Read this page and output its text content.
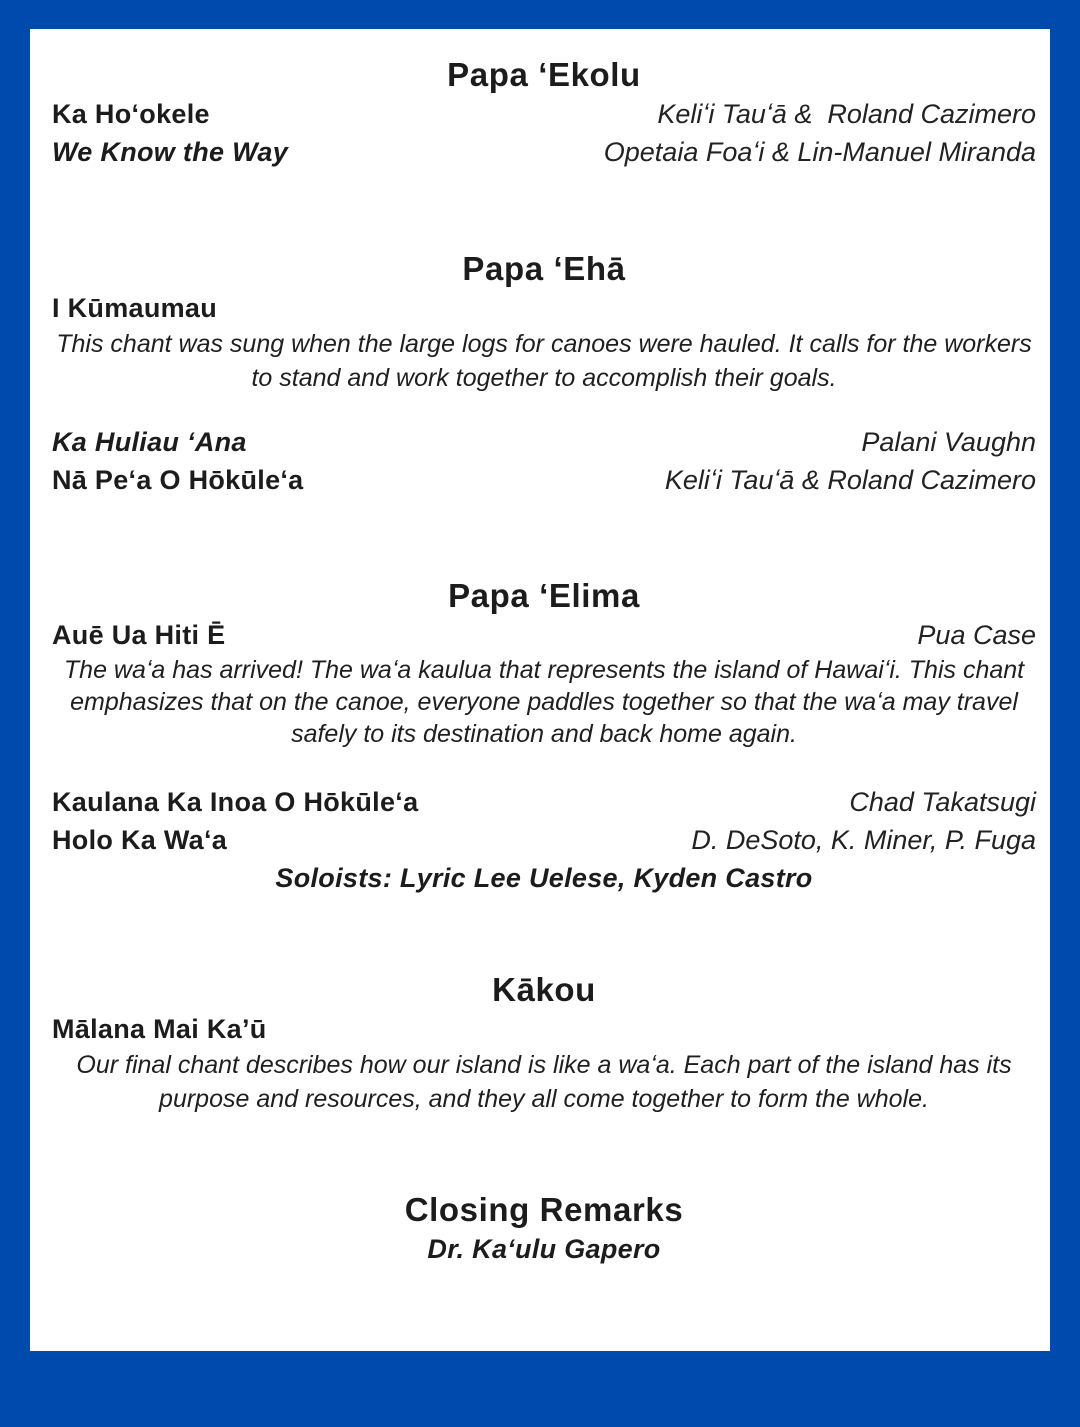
Papa ʻEkolu
Ka Hoʻokele	Keliʻi Tauʻā &  Roland Cazimero
We Know the Way	Opetaia Foaʻi & Lin-Manuel Miranda
Papa ʻEhā
I Kūmaumau
This chant was sung when the large logs for canoes were hauled. It calls for the workers
to stand and work together to accomplish their goals.
Ka Huliau ʻAna	Palani Vaughn
Nā Peʻa O Hōkūleʻa	Keliʻi Tauʻā & Roland Cazimero
Papa ʻElima
Auē Ua Hiti Ē	Pua Case
The waʻa has arrived! The waʻa kaulua that represents the island of Hawaiʻi. This chant
emphasizes that on the canoe, everyone paddles together so that the waʻa may travel
safely to its destination and back home again.
Kaulana Ka Inoa O Hōkūleʻa	Chad Takatsugi
Holo Ka Waʻa	D. DeSoto, K. Miner, P. Fuga
Soloists: Lyric Lee Uelese, Kyden Castro
Kākou
Mālana Mai Ka’ū
Our final chant describes how our island is like a waʻa. Each part of the island has its
purpose and resources, and they all come together to form the whole.
Closing Remarks
Dr. Kaʻulu Gapero
